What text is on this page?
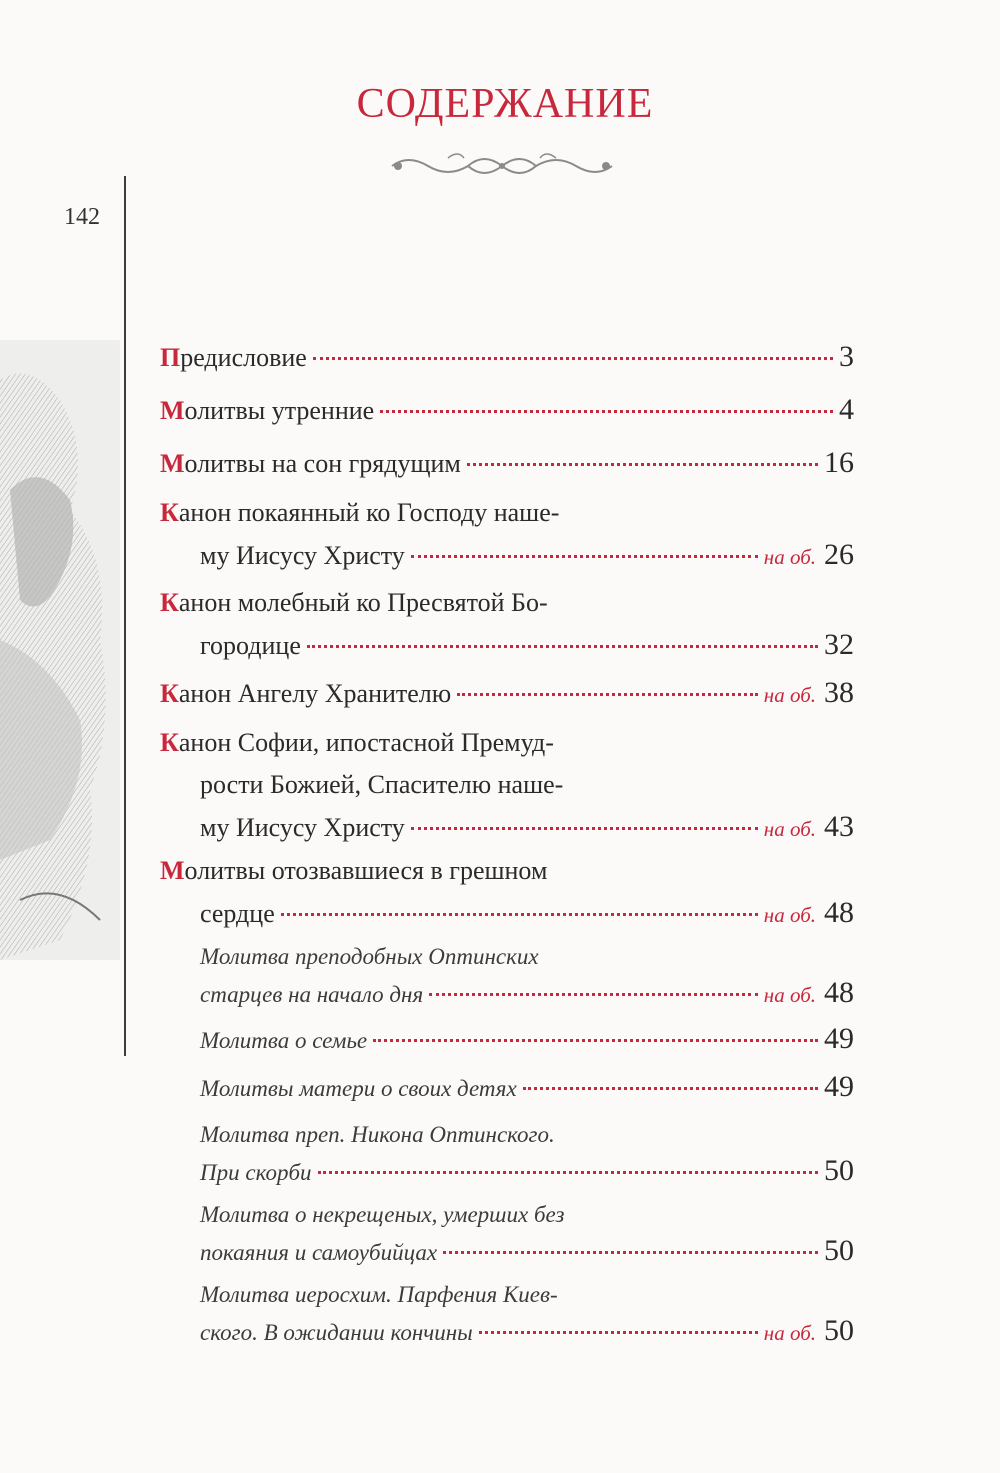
142
СОДЕРЖАНИЕ
П редисловие	3
М олитвы утренние	4
М олитвы на сон грядущим	16
К анон покаянный ко Господу наше-
му Иисусу Христу	на об. 26
К анон молебный ко Пресвятой Бо-
городице	32
К анон Ангелу Хранителю	на об. 38
К анон Софии, ипостасной Премуд-
рости Божией, Спасителю наше-
му Иисусу Христу	на об. 43
М олитвы отозвавшиеся в грешном
сердце	на об. 48
Молитва преподобных Оптинских
старцев на начало дня	на об. 48
Молитва о семье	49
Молитвы матери о своих детях	49
Молитва преп. Никона Оптинского.
При скорби	50
Молитва о некрещеных, умерших без
покаяния и самоубийцах	50
Молитва иеросхим. Парфения Киев-
ского. В ожидании кончины	на об. 50
